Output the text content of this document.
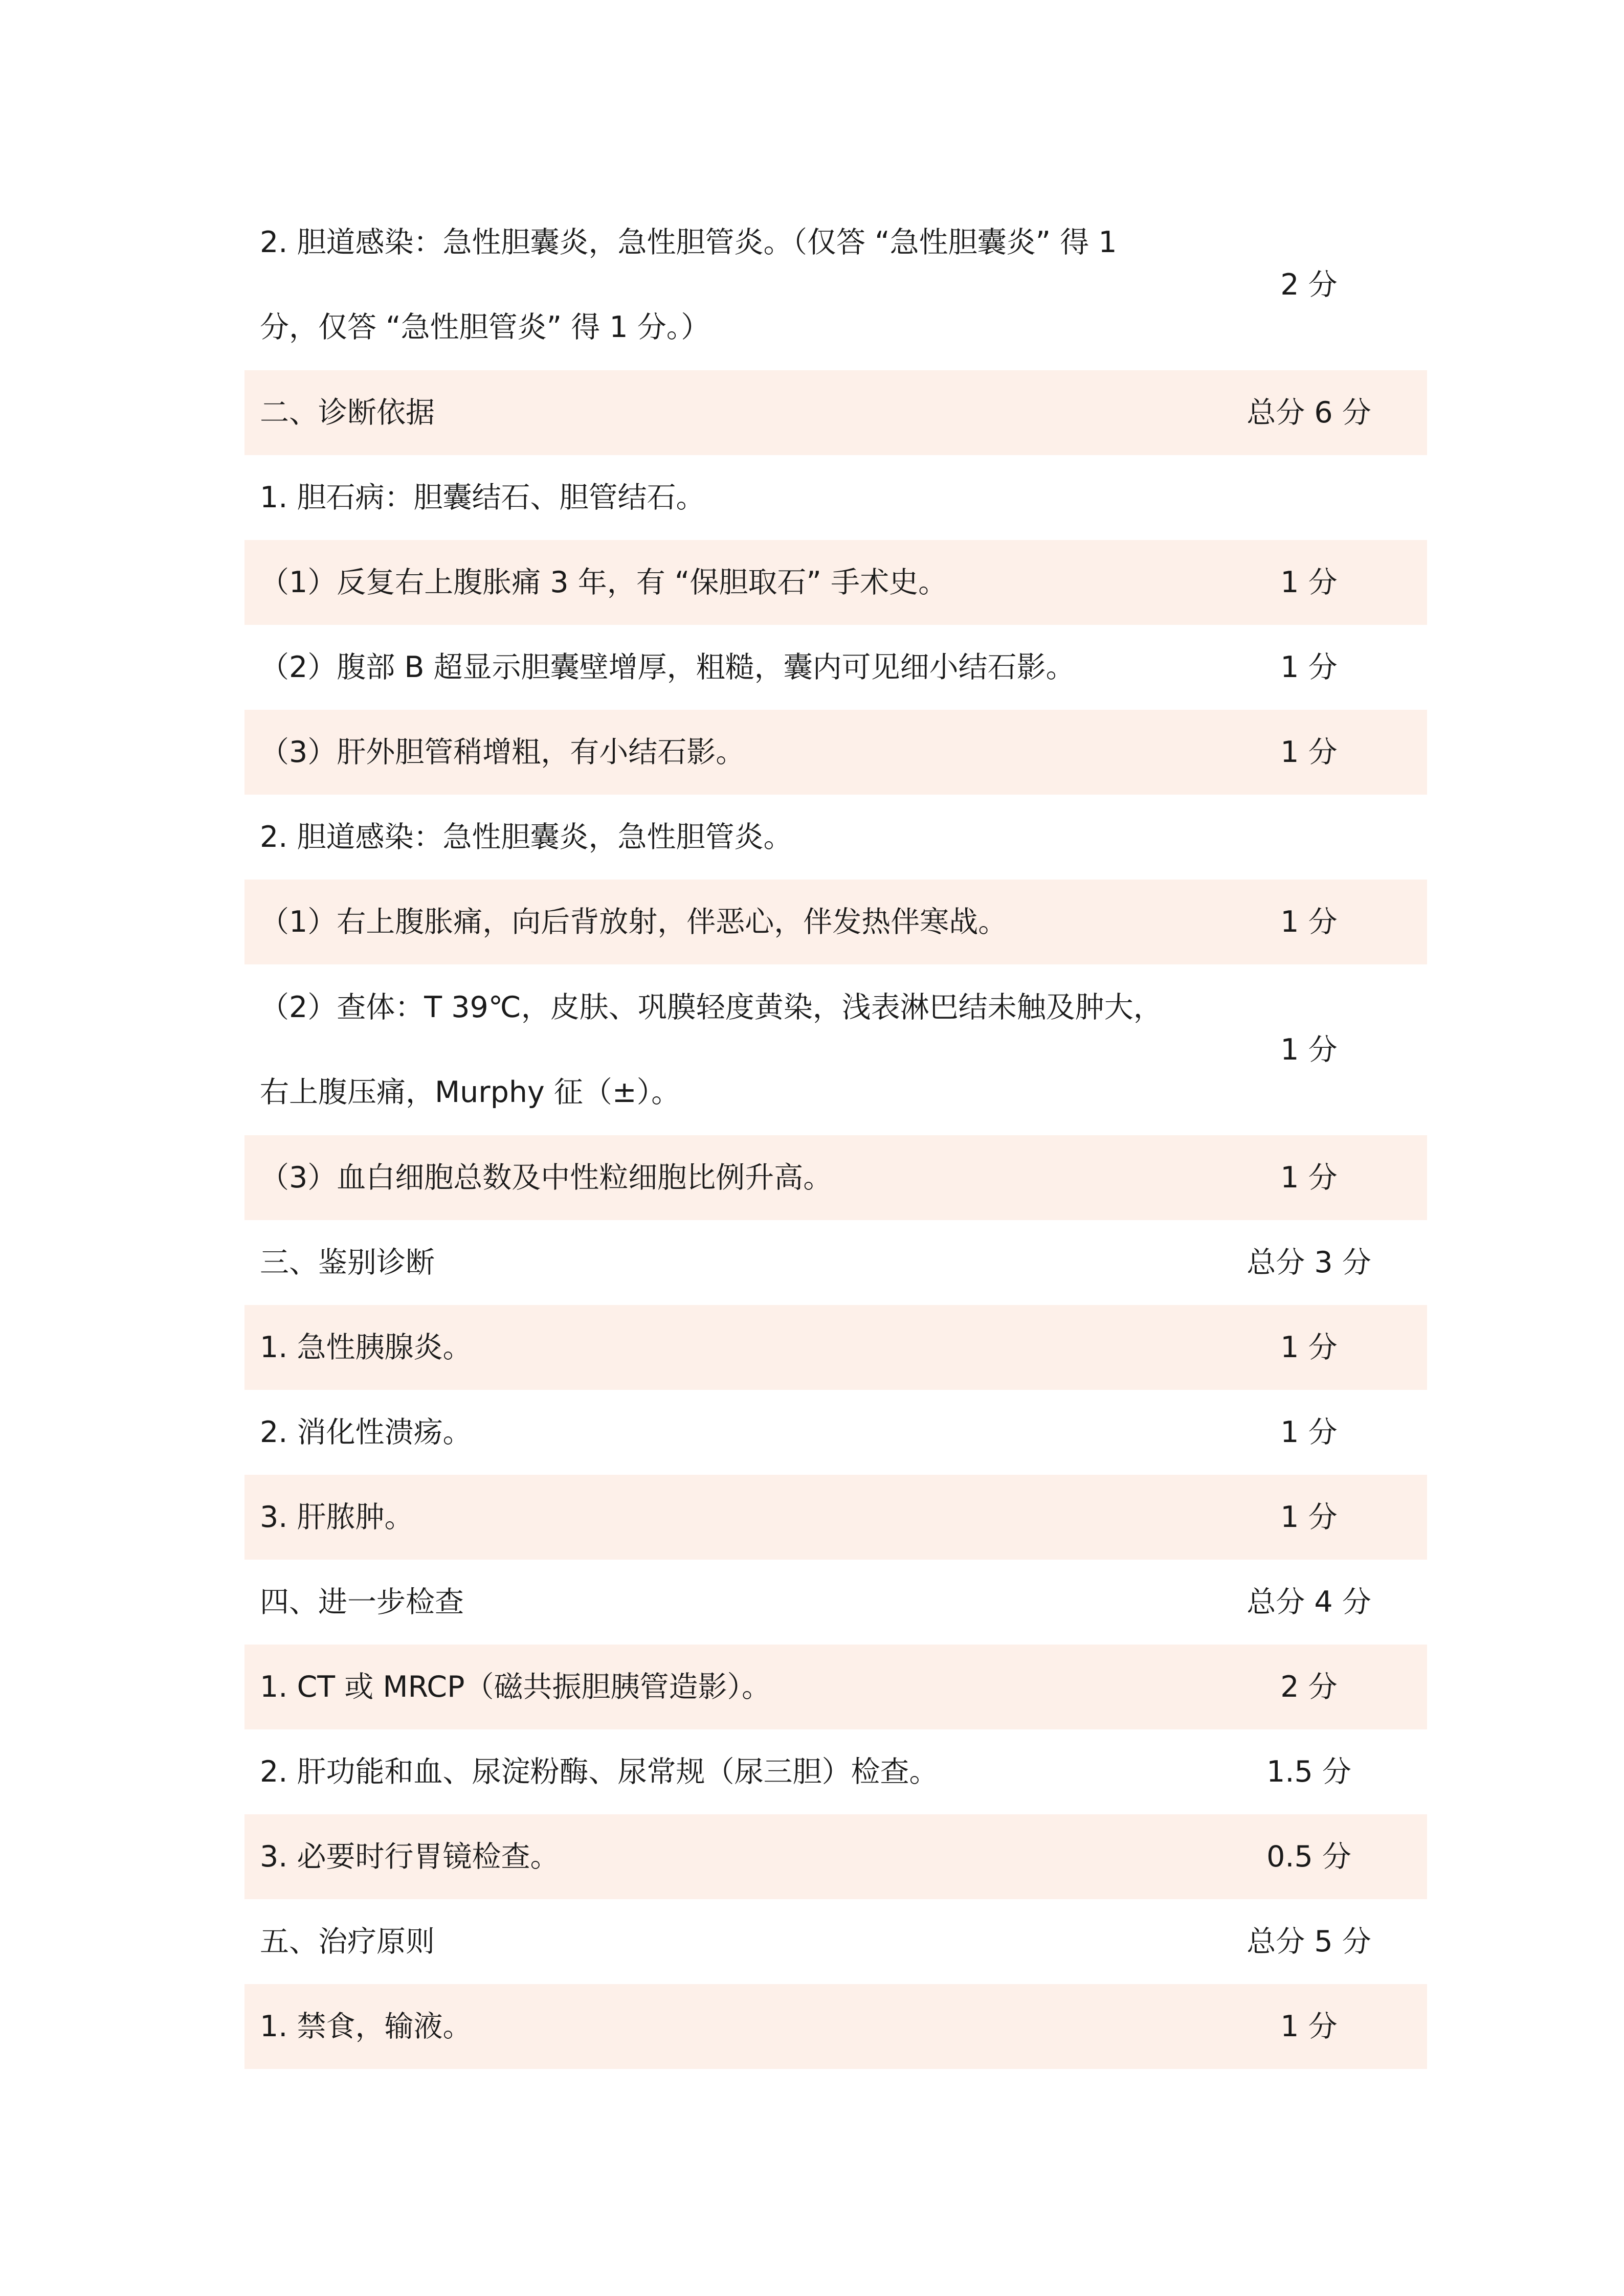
2. 胆道感染：急性胆囊炎，急性胆管炎。（仅答 “急性胆囊炎” 得 1
分，仅答 “急性胆管炎” 得 1 分。）	2 分
二、诊断依据	总分 6 分
1. 胆石病：胆囊结石、胆管结石。	
（1）反复右上腹胀痛 3 年，有 “保胆取石” 手术史。	1 分
（2）腹部 B 超显示胆囊壁增厚，粗糙，囊内可见细小结石影。	1 分
（3）肝外胆管稍增粗，有小结石影。	1 分
2. 胆道感染：急性胆囊炎，急性胆管炎。	
（1）右上腹胀痛，向后背放射，伴恶心，伴发热伴寒战。	1 分

（2）查体：T 39℃，皮肤、巩膜轻度黄染，浅表淋巴结未触及肿大，
右上腹压痛，Murphy 征（±）。	1 分
（3）血白细胞总数及中性粒细胞比例升高。	1 分
三、鉴别诊断	总分 3 分
1. 急性胰腺炎。	1 分
2. 消化性溃疡。	1 分
3. 肝脓肿。	1 分
四、进一步检查	总分 4 分
1. CT 或 MRCP（磁共振胆胰管造影）。	2 分
2. 肝功能和血、尿淀粉酶、尿常规（尿三胆）检查。	1.5 分
3. 必要时行胃镜检查。	0.5 分
五、治疗原则	总分 5 分
1. 禁食，输液。	1 分
